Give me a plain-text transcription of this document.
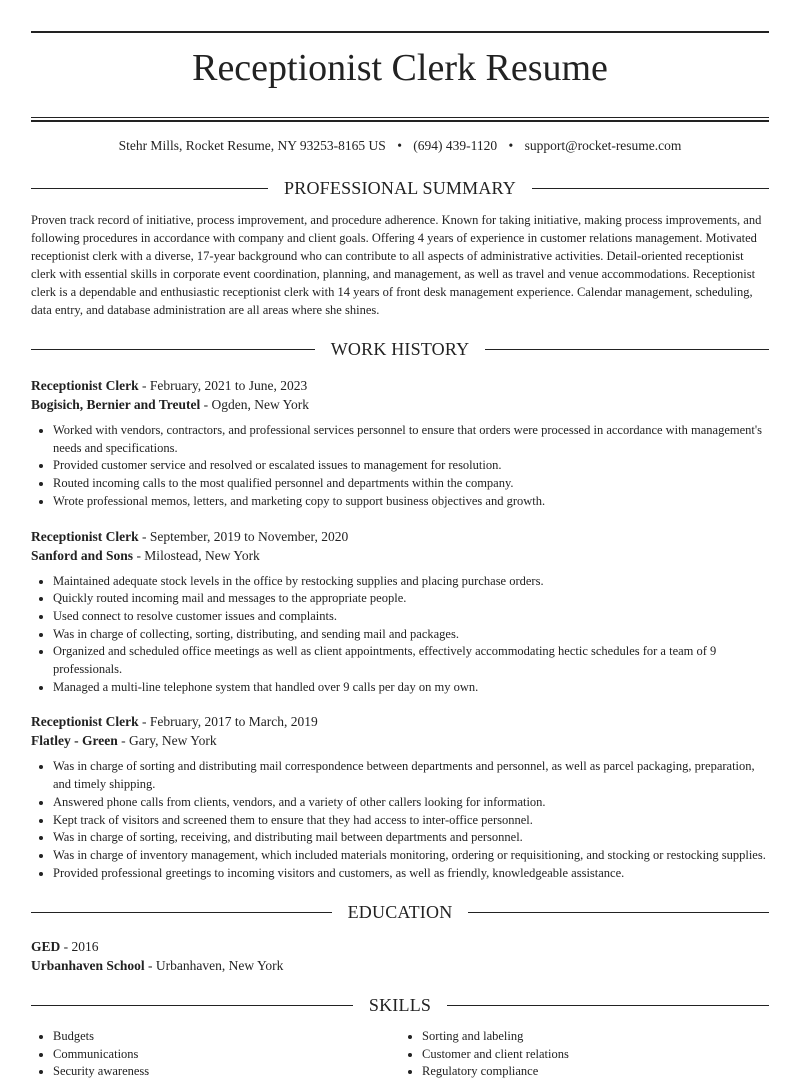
Receptionist Clerk Resume
Stehr Mills, Rocket Resume, NY 93253-8165 US • (694) 439-1120 • support@rocket-resume.com
PROFESSIONAL SUMMARY
Proven track record of initiative, process improvement, and procedure adherence. Known for taking initiative, making process improvements, and following procedures in accordance with company and client goals. Offering 4 years of experience in customer relations management. Motivated receptionist clerk with a diverse, 17-year background who can contribute to all aspects of administrative activities. Detail-oriented receptionist clerk with essential skills in corporate event coordination, planning, and management, as well as travel and venue accommodations. Receptionist clerk is a dependable and enthusiastic receptionist clerk with 14 years of front desk management experience. Calendar management, scheduling, data entry, and database administration are all areas where she shines.
WORK HISTORY
Receptionist Clerk - February, 2021 to June, 2023
Bogisich, Bernier and Treutel - Ogden, New York
• Worked with vendors, contractors, and professional services personnel to ensure that orders were processed in accordance with management's needs and specifications.
• Provided customer service and resolved or escalated issues to management for resolution.
• Routed incoming calls to the most qualified personnel and departments within the company.
• Wrote professional memos, letters, and marketing copy to support business objectives and growth.
Receptionist Clerk - September, 2019 to November, 2020
Sanford and Sons - Milostead, New York
• Maintained adequate stock levels in the office by restocking supplies and placing purchase orders.
• Quickly routed incoming mail and messages to the appropriate people.
• Used connect to resolve customer issues and complaints.
• Was in charge of collecting, sorting, distributing, and sending mail and packages.
• Organized and scheduled office meetings as well as client appointments, effectively accommodating hectic schedules for a team of 9 professionals.
• Managed a multi-line telephone system that handled over 9 calls per day on my own.
Receptionist Clerk - February, 2017 to March, 2019
Flatley - Green - Gary, New York
• Was in charge of sorting and distributing mail correspondence between departments and personnel, as well as parcel packaging, preparation, and timely shipping.
• Answered phone calls from clients, vendors, and a variety of other callers looking for information.
• Kept track of visitors and screened them to ensure that they had access to inter-office personnel.
• Was in charge of sorting, receiving, and distributing mail between departments and personnel.
• Was in charge of inventory management, which included materials monitoring, ordering or requisitioning, and stocking or restocking supplies.
• Provided professional greetings to incoming visitors and customers, as well as friendly, knowledgeable assistance.
EDUCATION
GED - 2016
Urbanhaven School - Urbanhaven, New York
SKILLS
• Budgets
• Communications
• Security awareness
• Sorting and labeling
• Customer and client relations
• Regulatory compliance
